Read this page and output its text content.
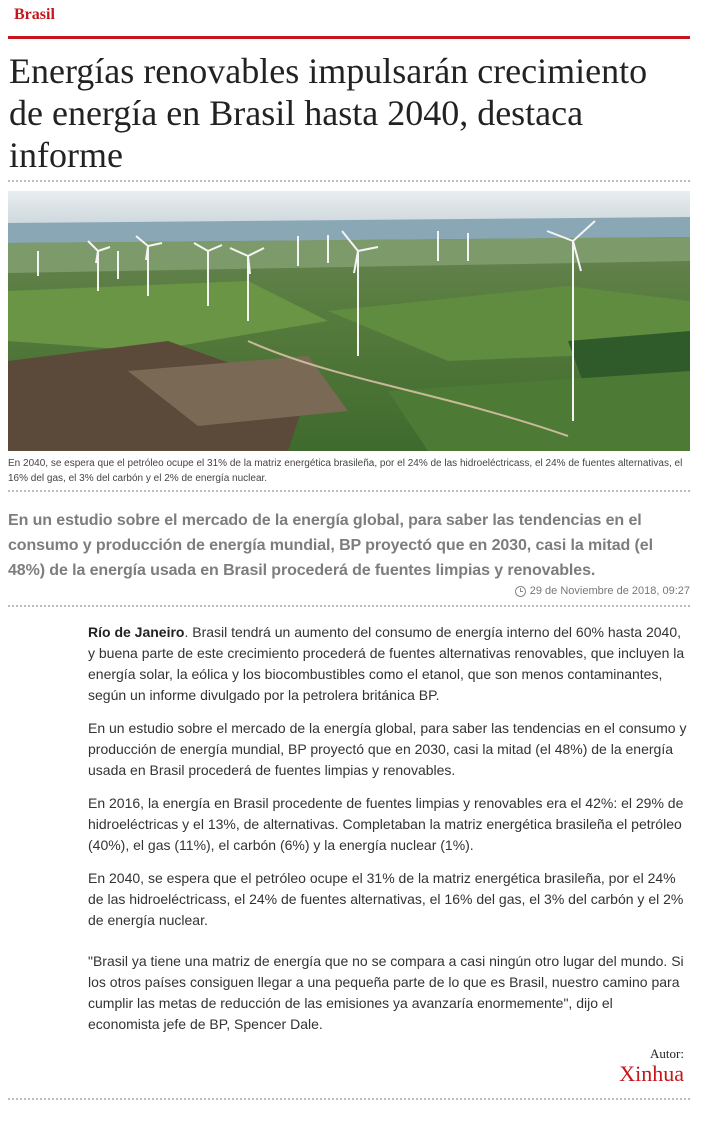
Brasil
Energías renovables impulsarán crecimiento de energía en Brasil hasta 2040, destaca informe
En 2040, se espera que el petróleo ocupe el 31% de la matriz energética brasileña, por el 24% de las hidroeléctricass, el 24% de fuentes alternativas, el 16% del gas, el 3% del carbón y el 2% de energía nuclear.
En un estudio sobre el mercado de la energía global, para saber las tendencias en el consumo y producción de energía mundial, BP proyectó que en 2030, casi la mitad (el 48%) de la energía usada en Brasil procederá de fuentes limpias y renovables.
29 de Noviembre de 2018, 09:27

Río de Janeiro. Brasil tendrá un aumento del consumo de energía interno del 60% hasta 2040, y buena parte de este crecimiento procederá de fuentes alternativas renovables, que incluyen la energía solar, la eólica y los biocombustibles como el etanol, que son menos contaminantes, según un informe divulgado por la petrolera británica BP.

En un estudio sobre el mercado de la energía global, para saber las tendencias en el consumo y producción de energía mundial, BP proyectó que en 2030, casi la mitad (el 48%) de la energía usada en Brasil procederá de fuentes limpias y renovables.

En 2016, la energía en Brasil procedente de fuentes limpias y renovables era el 42%: el 29% de hidroeléctricas y el 13%, de alternativas. Completaban la matriz energética brasileña el petróleo (40%), el gas (11%), el carbón (6%) y la energía nuclear (1%).

En 2040, se espera que el petróleo ocupe el 31% de la matriz energética brasileña, por el 24% de las hidroeléctricass, el 24% de fuentes alternativas, el 16% del gas, el 3% del carbón y el 2% de energía nuclear.

"Brasil ya tiene una matriz de energía que no se compara a casi ningún otro lugar del mundo. Si los otros países consiguen llegar a una pequeña parte de lo que es Brasil, nuestro camino para cumplir las metas de reducción de las emisiones ya avanzaría enormemente", dijo el economista jefe de BP, Spencer Dale.

Autor:
Xinhua
